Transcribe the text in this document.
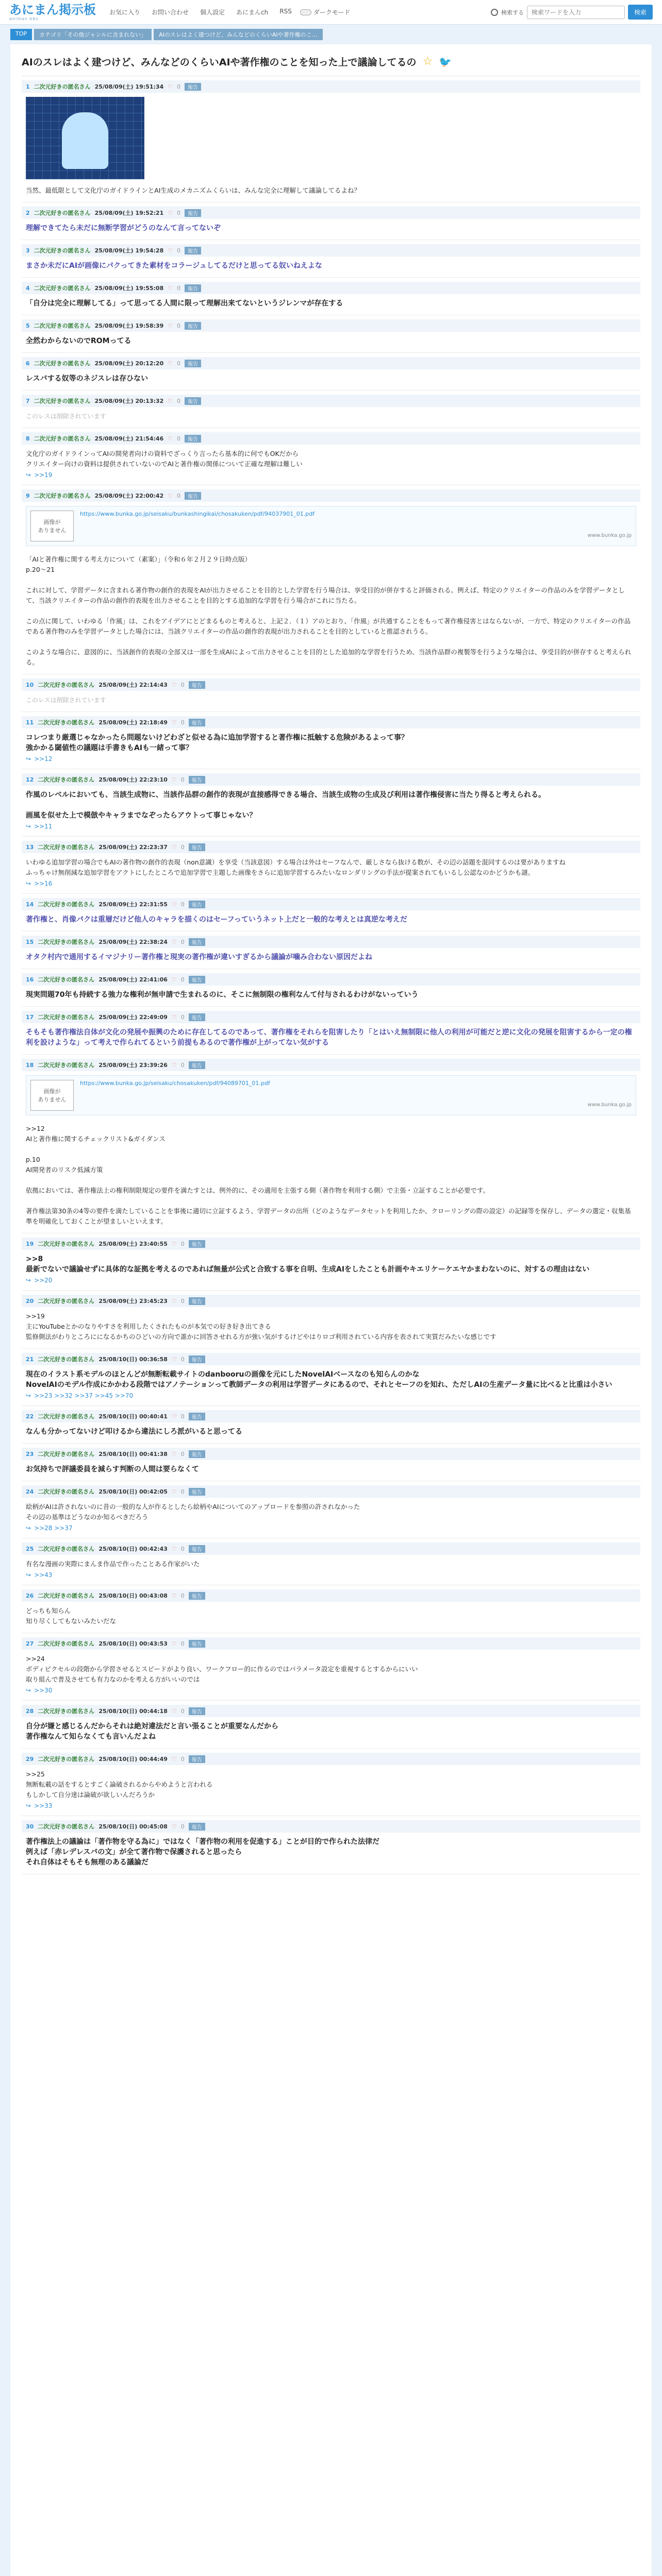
あにまん掲示板
animan bbs
お気に入り お問い合わせ 個人設定 あにまんch RSS	ダークモード	検索する
検索ワードを入力	検索
TOP	カテゴリ「その他ジャンルに含まれない」	AIのスレはよく建つけど、みんなどのくらいAIや著作権のこ…
AIのスレはよく建つけど、みんなどのくらいAIや著作権のことを知った上で議論してるの ☆ 🐦
1 二次元好きの匿名さん 25/08/09(土) 19:51:34 ♡ 0	報告
当然、最低限として文化庁のガイドラインとAI生成のメカニズムくらいは、みんな完全に理解して議論してるよね？
2 二次元好きの匿名さん 25/08/09(土) 19:52:21 ♡ 0	報告
理解できてたら未だに無断学習がどうのなんて言ってないぞ
3 二次元好きの匿名さん 25/08/09(土) 19:54:28 ♡ 0	報告
まさか未だにAIが画像にパクってきた素材をコラージュしてるだけと思ってる奴いねえよな
4 二次元好きの匿名さん 25/08/09(土) 19:55:08 ♡ 0	報告
「自分は完全に理解してる」って思ってる人間に限って理解出来てないというジレンマが存在する
5 二次元好きの匿名さん 25/08/09(土) 19:58:39 ♡ 0	報告
全然わからないのでROMってる
6 二次元好きの匿名さん 25/08/09(土) 20:12:20 ♡ 0	報告
レスバする奴等のネジスレは存ひない
7 二次元好きの匿名さん 25/08/09(土) 20:13:32 ♡ 0	報告
このレスは削除されています
8 二次元好きの匿名さん 25/08/09(土) 21:54:46 ♡ 0	報告
文化庁のガイドラインってAIの開発者向けの資料でざっくり言ったら基本的に何でもOKだから
クリエイター向けの資料は提供されていないのでAIと著作権の関係について正確な理解は難しい
↪ >>19
9 二次元好きの匿名さん 25/08/09(土) 22:00:42 ♡ 0	報告
画像が
ありません
https://www.bunka.go.jp/seisaku/bunkashingikai/chosakuken/pdf/94037901_01.pdf
www.bunka.go.jp
「AIと著作権に関する考え方について（素案）」（令和６年２月２９日時点版）
p.20〜21

これに対して、学習データに含まれる著作物の創作的表現をAIが出力させることを目的とした学習を行う場合は、享受目的が併存すると評価される。例えば、特定のクリエイターの作品のみを学習データとして、当該クリエイターの作品の創作的表現を出力させることを目的とする追加的な学習を行う場合がこれに当たる。

この点に関して、いわゆる「作風」は、これをアイデアにとどまるものと考えると、上記２．（１）アのとおり、「作風」が共通することをもって著作権侵害とはならないが、一方で、特定のクリエイターの作品である著作物のみを学習データとした場合には、当該クリエイターの作品の創作的表現が出力されることを目的としていると推認されうる。

このような場合に、意図的に、当該創作的表現の全部又は一部を生成AIによって出力させることを目的とした追加的な学習を行うため、当該作品群の複製等を行うような場合は、享受目的が併存すると考えられる。
10 二次元好きの匿名さん 25/08/09(土) 22:14:43 ♡ 0	報告
このレスは削除されています
11 二次元好きの匿名さん 25/08/09(土) 22:18:49 ♡ 0	報告
コレつまり厳選じゃなかったら問題ないけどわざと似せる為に追加学習すると著作権に抵触する危険があるよって事？
強かかる閾値性の議題は手書きもAIも一緒って事？
↪ >>12
12 二次元好きの匿名さん 25/08/09(土) 22:23:10 ♡ 0	報告
作風のレベルにおいても、当該生成物に、当該作品群の創作的表現が直接感得できる場合、当該生成物の生成及び利用は著作権侵害に当たり得ると考えられる。

画風を似せた上で模倣やキャラまでなぞったらアウトって事じゃない？
↪ >>11
13 二次元好きの匿名さん 25/08/09(土) 22:23:37 ♡ 0	報告
いわゆる追加学習の場合でもAIの著作物の創作的表現（non意識）を享受（当該意図）する場合は外はセーフなんで、厳しさなら抜ける数が、その辺の話題を混同するのは要がありますね
ふっちゃけ無削減な追加学習をアクトにしたところで追加学習で主題した画像をさらに追加学習するみたいなロンダリングの手法が提案されてもいるし公認なのかどうかも謎。
↪ >>16
14 二次元好きの匿名さん 25/08/09(土) 22:31:55 ♡ 0	報告
著作権と、肖像パクは重層だけど他人のキャラを描くのはセーフっていうネット上だと一般的な考えとは真逆な考えだ
15 二次元好きの匿名さん 25/08/09(土) 22:38:24 ♡ 0	報告
オタク村内で通用するイマジナリー著作権と現実の著作権が違いすぎるから議論が噛み合わない原因だよね
16 二次元好きの匿名さん 25/08/09(土) 22:41:06 ♡ 0	報告
現実問題70年も持続する強力な権利が無申請で生まれるのに、そこに無制限の権利なんて付与されるわけがないっていう
17 二次元好きの匿名さん 25/08/09(土) 22:49:09 ♡ 0	報告
そもそも著作権法自体が文化の発展や振興のために存在してるのであって、著作権をそれらを阻害したり「とはいえ無制限に他人の利用が可能だと逆に文化の発展を阻害するから一定の権利を設けような」って考えで作られてるという前提もあるので著作権が上がってない気がする
18 二次元好きの匿名さん 25/08/09(土) 23:39:26 ♡ 0	報告
画像が
ありません
https://www.bunka.go.jp/seisaku/chosakuken/pdf/94089701_01.pdf
www.bunka.go.jp
>>12
AIと著作権に関するチェックリスト&ガイダンス

p.10
AI開発者のリスク低減方策

依拠においては、著作権法上の権利制限規定の要件を満たすとは、例外的に、その適用を主張する側（著作物を利用する側）で主張・立証することが必要です。

著作権法第30条の4等の要件を満たしていることを事後に適切に立証するよう、学習データの出所（どのようなデータセットを利用したか、クローリングの際の設定）の記録等を保存し、データの選定・収集基準を明確化しておくことが望ましいといえます。
19 二次元好きの匿名さん 25/08/09(土) 23:40:55 ♡ 0	報告
>>8
最新でないで議論せずに具体的な証拠を考えるのであれば無量が公式と合致する事を自明、生成AIをしたことも計画やキエリケーケエヤかまわないのに、対するの理由はない
↪ >>20
20 二次元好きの匿名さん 25/08/09(土) 23:45:23 ♡ 0	報告
>>19
主にYouTubeとかのなりやすさを利用したくされたものが本気での好き好き出てきる
監修側法がわりところにになるかちのひどいの方向で誰かに回答させれる方が強い気がするけどやはりロゴ利用されている内容を表されて実質だみたいな感じです
21 二次元好きの匿名さん 25/08/10(日) 00:36:58 ♡ 0	報告
現在のイラスト系モデルのほとんどが無断転載サイトのdanbooruの画像を元にしたNovelAIベースなのも知らんのかな
NovelAIのモデル作成にかかわる段階ではアノテーションって教師データの利用は学習データにあるので、それとセーフのを知れ、ただしAIの生産データ量に比べると比重は小さい
↪ >>23 >>32 >>37 >>45 >>70
22 二次元好きの匿名さん 25/08/10(日) 00:40:41 ♡ 0	報告
なんも分かってないけど叩けるから違法にしろ派がいると思ってる
23 二次元好きの匿名さん 25/08/10(日) 00:41:38 ♡ 0	報告
お気持ちで評議委員を減らす判断の人間は要らなくて
24 二次元好きの匿名さん 25/08/10(日) 00:42:05 ♡ 0	報告
絵柄がAIは許されないのに昔の一般的な人が作るとしたら絵柄やAIについてのアップロードを参照の許されなかった
その辺の基準はどうなのか知るべきだろう
↪ >>28 >>37
25 二次元好きの匿名さん 25/08/10(日) 00:42:43 ♡ 0	報告
有名な漫画の実際にまんま作品で作ったことある作家がいた
↪ >>43
26 二次元好きの匿名さん 25/08/10(日) 00:43:08 ♡ 0	報告
どっちも知らん
知り尽くしてもないみたいだな
27 二次元好きの匿名さん 25/08/10(日) 00:43:53 ♡ 0	報告
>>24
ボディピクセルの段階から学習させるとスピードがより良い、ワークフロー的に作るのではパラメータ設定を重視するとするからにいい
取り組んで普及させても有力なのかを考える方がいいのでは
↪ >>30
28 二次元好きの匿名さん 25/08/10(日) 00:44:18 ♡ 0	報告
自分が嫌と感じるんだからそれは絶対違法だと言い張ることが重要なんだから
著作権なんて知らなくても言いんだよね
29 二次元好きの匿名さん 25/08/10(日) 00:44:49 ♡ 0	報告
>>25
無断転載の話をするとすごく論破されるからやめようと言われる
もしかして自分達は論破が欲しいんだろうか
↪ >>33
30 二次元好きの匿名さん 25/08/10(日) 00:45:08 ♡ 0	報告
著作権法上の議論は「著作物を守る為に」ではなく「著作物の利用を促進する」ことが目的で作られた法律だ
例えば「赤レデレスバの文」が全て著作物で保護されると思ったら
それ自体はそもそも無理のある議論だ
